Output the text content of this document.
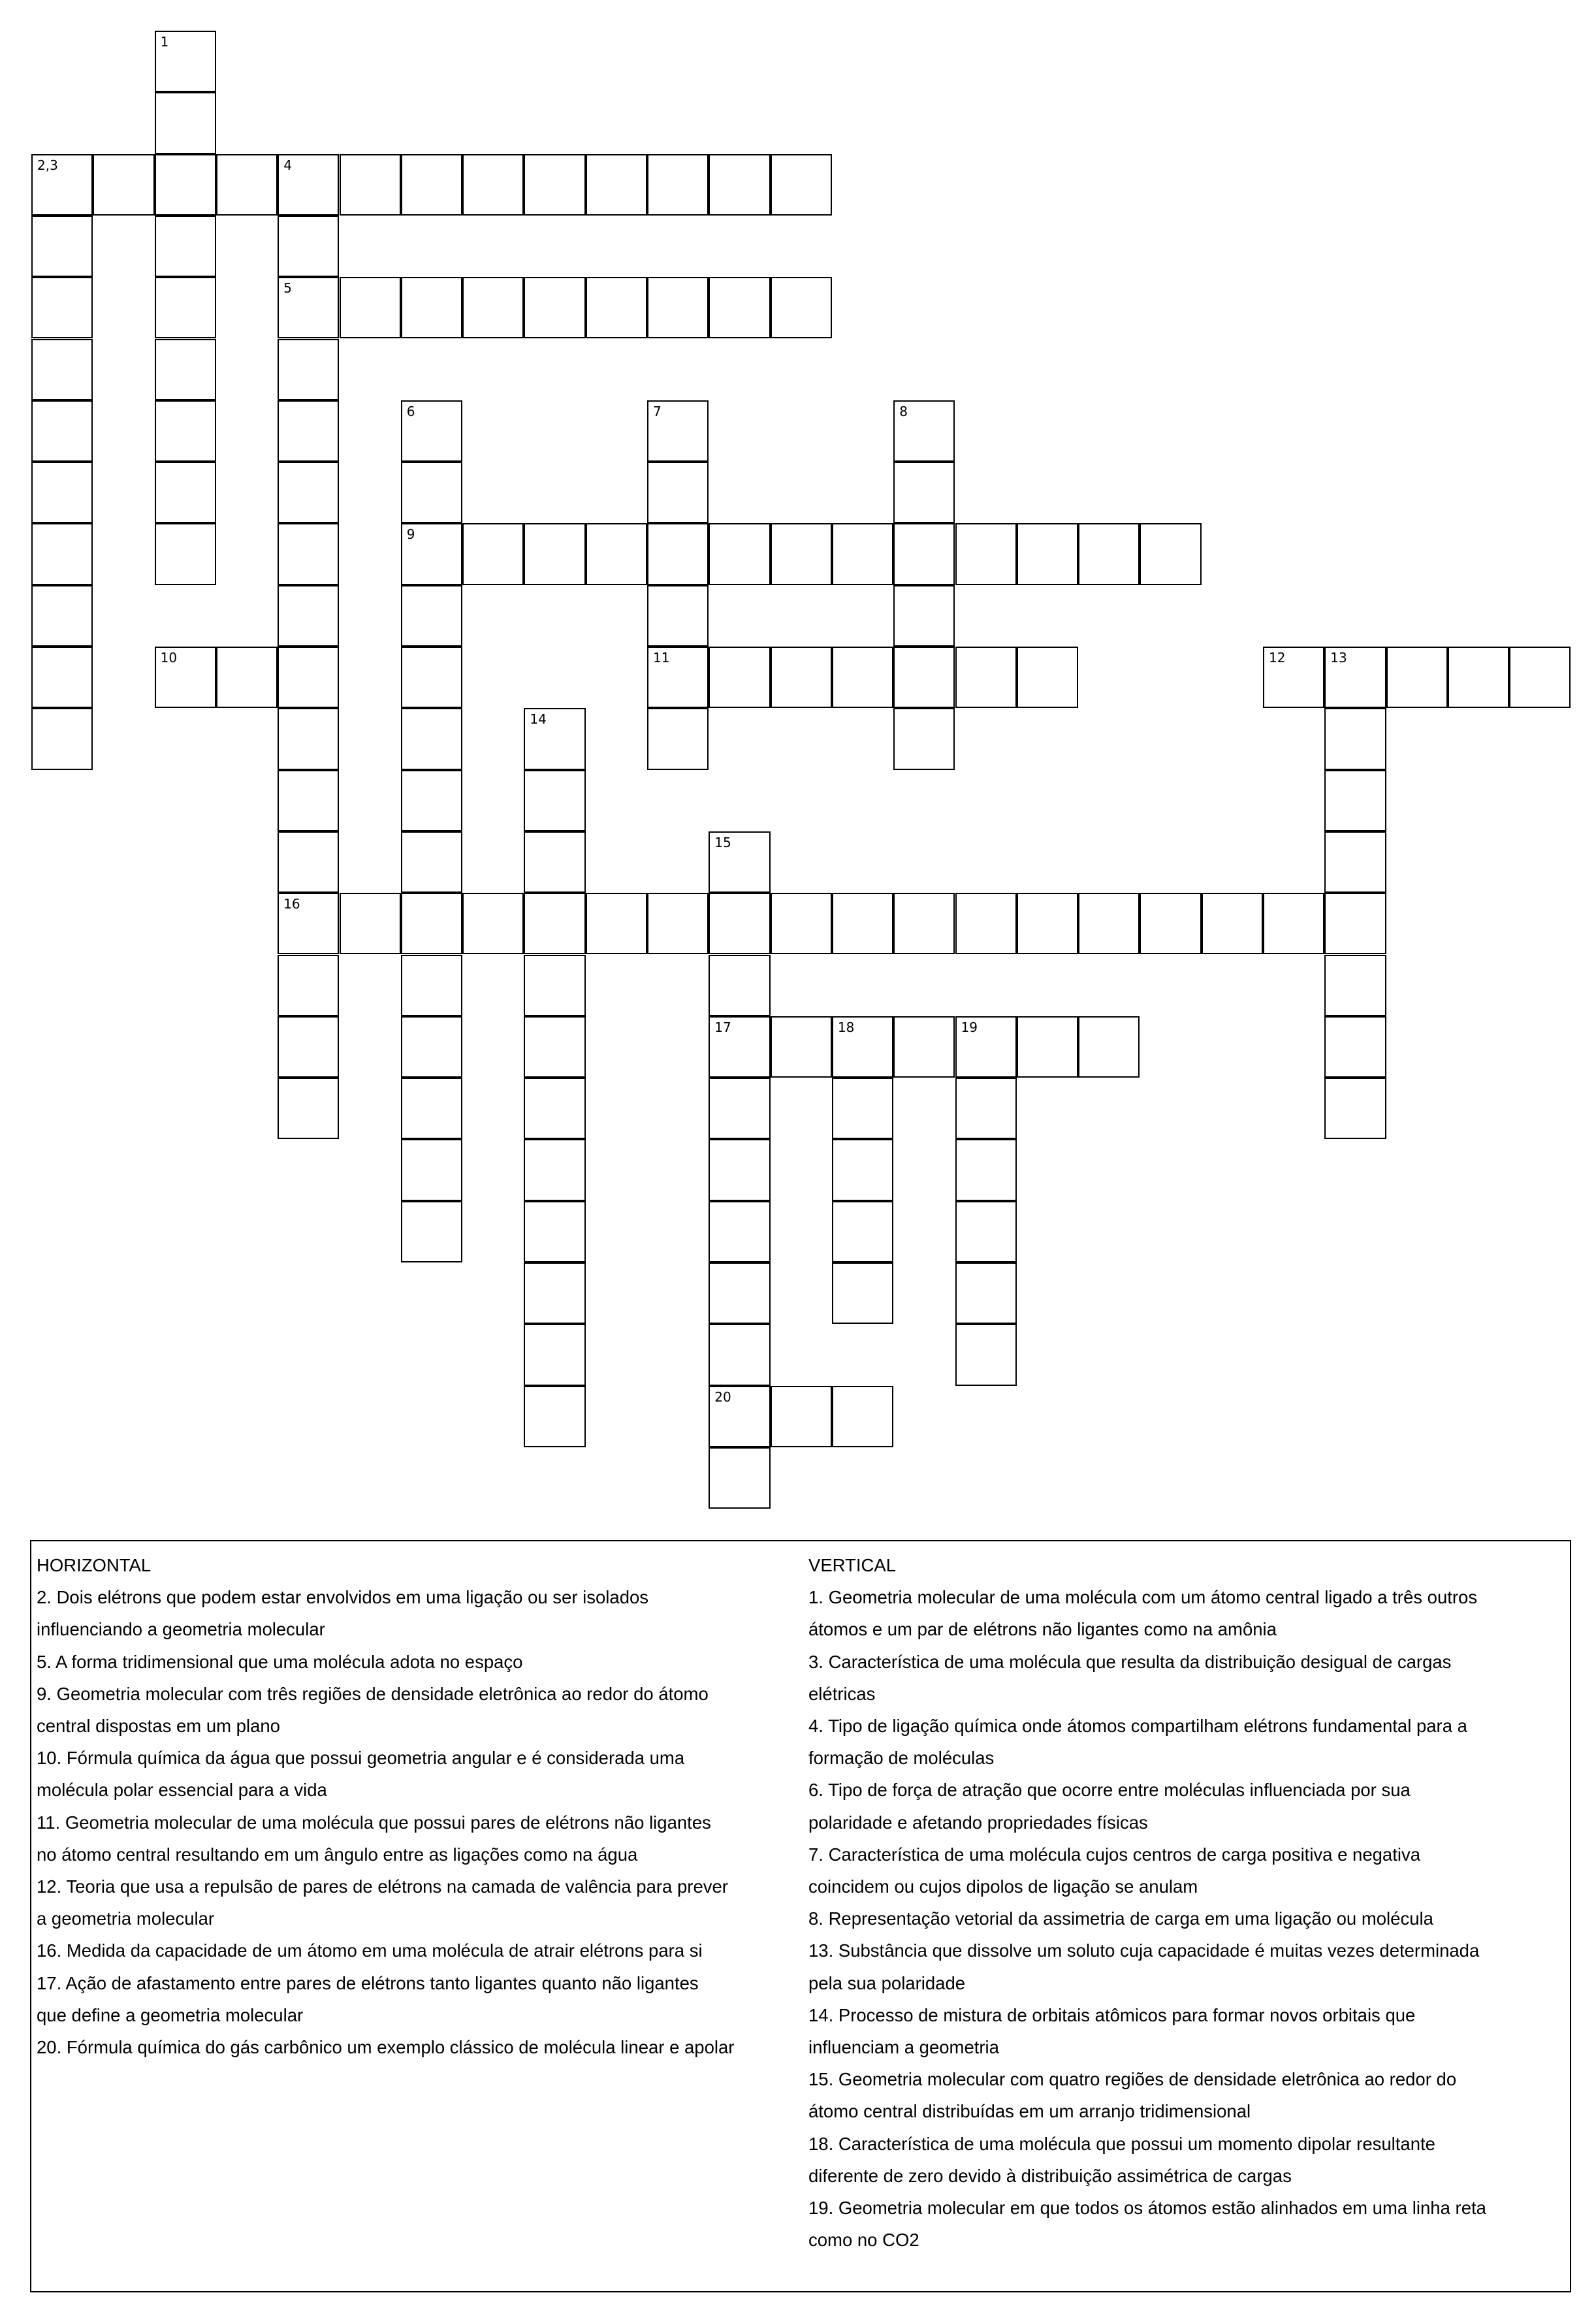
1
2,3	4
5
6	7	8
9
10	11	12	13
14
15
16
17	18	19
20
HORIZONTAL
2. Dois elétrons que podem estar envolvidos em uma ligação ou ser isolados
influenciando a geometria molecular
5. A forma tridimensional que uma molécula adota no espaço
9. Geometria molecular com três regiões de densidade eletrônica ao redor do átomo
central dispostas em um plano
10. Fórmula química da água que possui geometria angular e é considerada uma
molécula polar essencial para a vida
11. Geometria molecular de uma molécula que possui pares de elétrons não ligantes
no átomo central resultando em um ângulo entre as ligações como na água
12. Teoria que usa a repulsão de pares de elétrons na camada de valência para prever
a geometria molecular
16. Medida da capacidade de um átomo em uma molécula de atrair elétrons para si
17. Ação de afastamento entre pares de elétrons tanto ligantes quanto não ligantes
que define a geometria molecular
20. Fórmula química do gás carbônico um exemplo clássico de molécula linear e apolar
VERTICAL
1. Geometria molecular de uma molécula com um átomo central ligado a três outros
átomos e um par de elétrons não ligantes como na amônia
3. Característica de uma molécula que resulta da distribuição desigual de cargas
elétricas
4. Tipo de ligação química onde átomos compartilham elétrons fundamental para a
formação de moléculas
6. Tipo de força de atração que ocorre entre moléculas influenciada por sua
polaridade e afetando propriedades físicas
7. Característica de uma molécula cujos centros de carga positiva e negativa
coincidem ou cujos dipolos de ligação se anulam
8. Representação vetorial da assimetria de carga em uma ligação ou molécula
13. Substância que dissolve um soluto cuja capacidade é muitas vezes determinada
pela sua polaridade
14. Processo de mistura de orbitais atômicos para formar novos orbitais que
influenciam a geometria
15. Geometria molecular com quatro regiões de densidade eletrônica ao redor do
átomo central distribuídas em um arranjo tridimensional
18. Característica de uma molécula que possui um momento dipolar resultante
diferente de zero devido à distribuição assimétrica de cargas
19. Geometria molecular em que todos os átomos estão alinhados em uma linha reta
como no CO2
